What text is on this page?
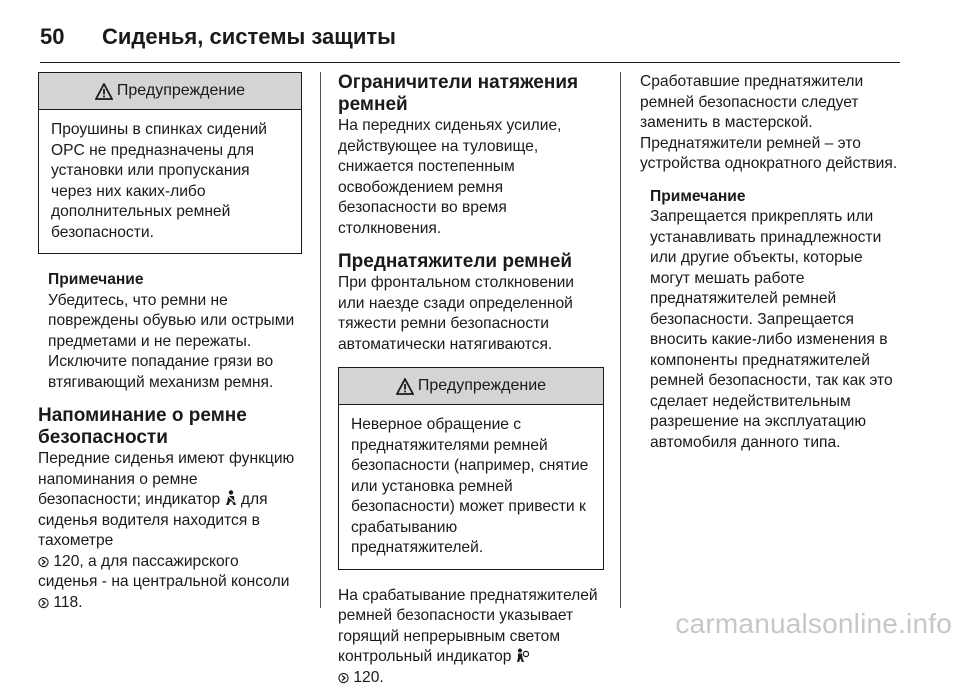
50	Сиденья, системы защиты
Предупреждение
Проушины в спинках сидений OPC не предназначены для установки или пропускания через них каких-либо дополнительных ремней безопасности.
Примечание
Убедитесь, что ремни не повреждены обувью или острыми предметами и не пережаты. Исключите попадание грязи во втягивающий механизм ремня.
Напоминание о ремне безопасности
Передние сиденья имеют функцию напоминания о ремне безопасности; индикатор для сиденья водителя находится в тахометре
120, а для пассажирского сиденья - на центральной консоли
118.
Ограничители натяжения ремней
На передних сиденьях усилие, действующее на туловище, снижается постепенным освобождением ремня безопасности во время столкновения.
Преднатяжители ремней
При фронтальном столкновении или наезде сзади определенной тяжести ремни безопасности автоматически натягиваются.
Предупреждение
Неверное обращение с преднатяжителями ремней безопасности (например, снятие или установка ремней безопасности) может привести к срабатыванию преднатяжителей.
На срабатывание преднатяжителей ремней безопасности указывает горящий непрерывным светом контрольный индикатор
120.
Сработавшие преднатяжители ремней безопасности следует заменить в мастерской. Преднатяжители ремней – это устройства однократного действия.
Примечание
Запрещается прикреплять или устанавливать принадлежности или другие объекты, которые могут мешать работе преднатяжителей ремней безопасности. Запрещается вносить какие-либо изменения в компоненты преднатяжителей ремней безопасности, так как это сделает недействительным разрешение на эксплуатацию автомобиля данного типа.
carmanualsonline.info
